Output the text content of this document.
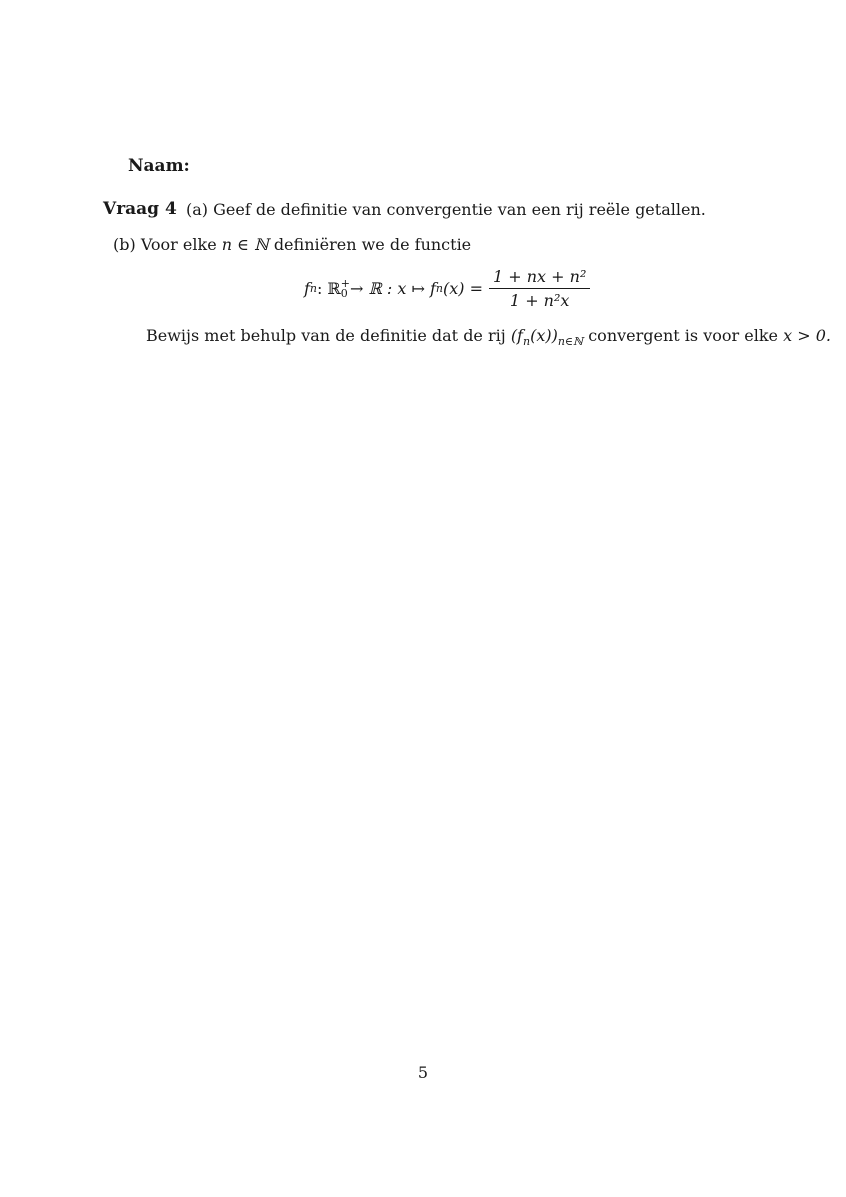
Naam:
Vraag 4 (a) Geef de definitie van convergentie van een rij reële getallen.
(b) Voor elke n ∈ ℕ definiëren we de functie
f n : ℝ +
0 → ℝ : x ↦ f n $(x) = \frac{\text{1 + nx + n²}}{\text{1 + n²x}}$
Bewijs met behulp van de definitie dat de rij $(f_n(x))_{n\in ℕ}$ convergent is voor elke x > 0.
5
